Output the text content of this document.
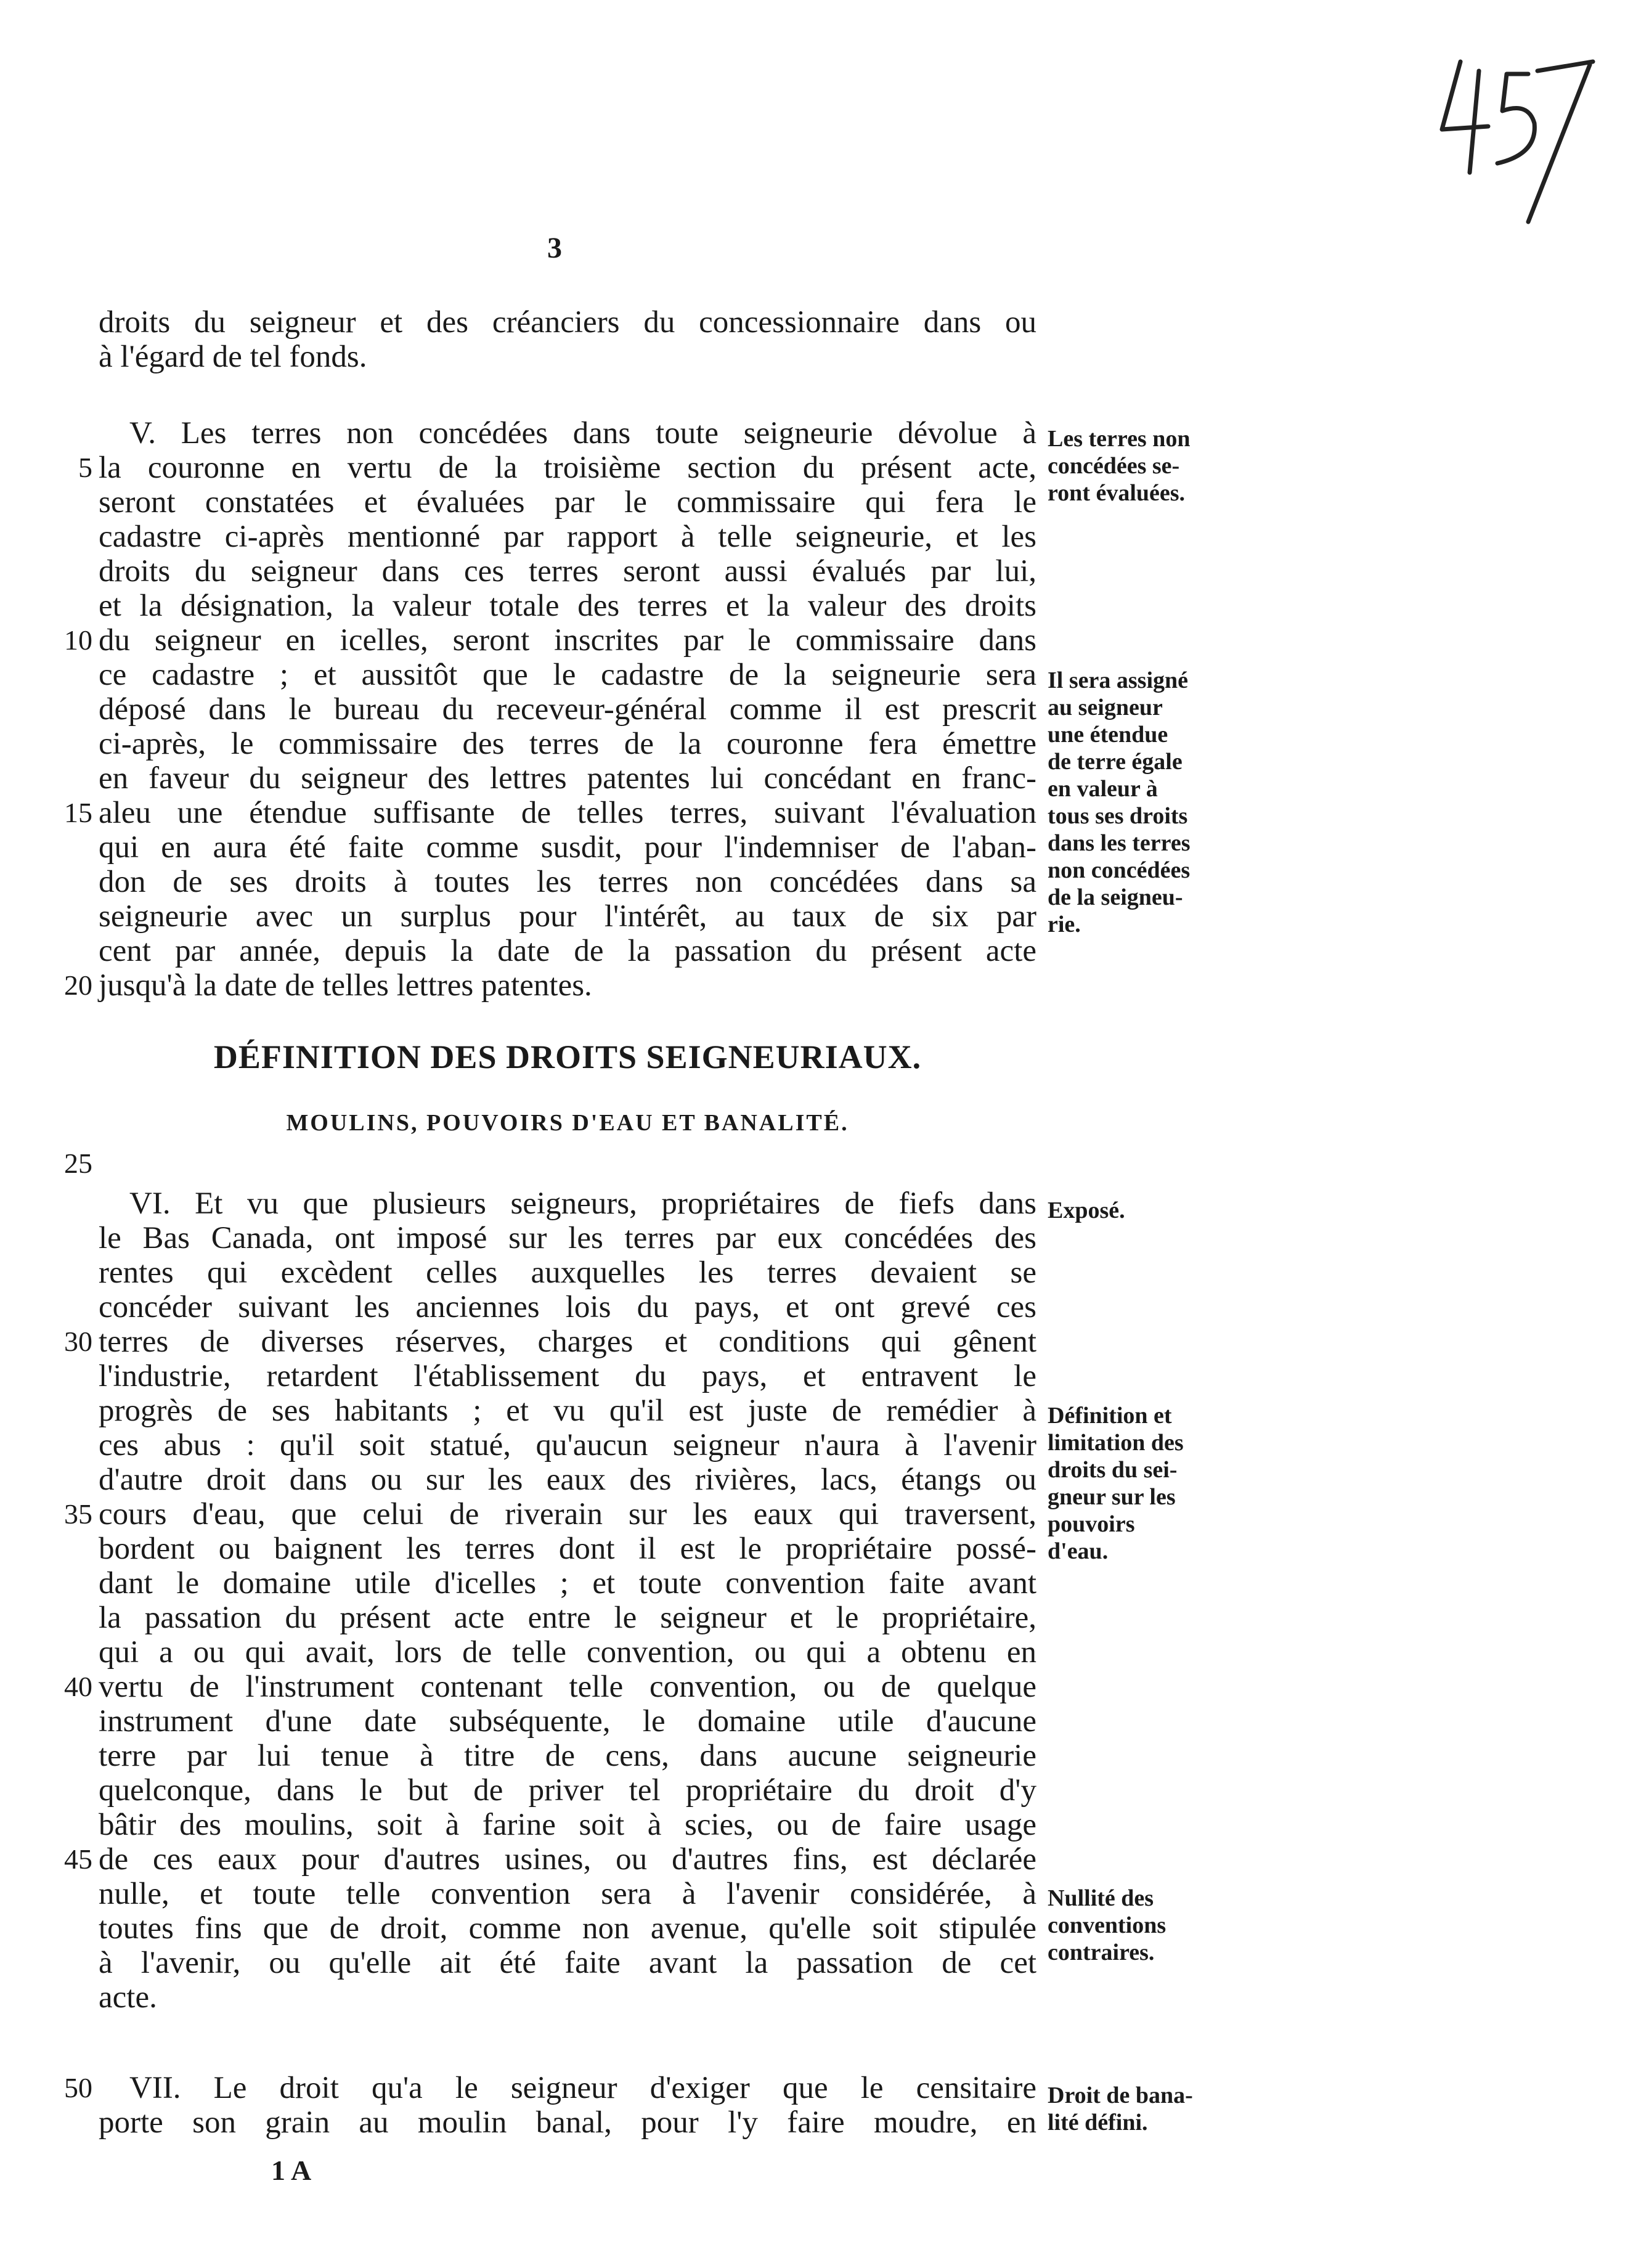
3
droits du seigneur et des créanciers du concessionnaire dans ou
à l'égard de tel fonds.
V. Les terres non concédées dans toute seigneurie dévolue à
la couronne en vertu de la troisième section du présent acte,
seront constatées et évaluées par le commissaire qui fera le
cadastre ci-après mentionné par rapport à telle seigneurie, et les
droits du seigneur dans ces terres seront aussi évalués par lui,
et la désignation, la valeur totale des terres et la valeur des droits
du seigneur en icelles, seront inscrites par le commissaire dans
ce cadastre ; et aussitôt que le cadastre de la seigneurie sera
déposé dans le bureau du receveur-général comme il est prescrit
ci-après, le commissaire des terres de la couronne fera émettre
en faveur du seigneur des lettres patentes lui concédant en franc-
aleu une étendue suffisante de telles terres, suivant l'évaluation
qui en aura été faite comme susdit, pour l'indemniser de l'aban-
don de ses droits à toutes les terres non concédées dans sa
seigneurie avec un surplus pour l'intérêt, au taux de six par
cent par année, depuis la date de la passation du présent acte
jusqu'à la date de telles lettres patentes.
DÉFINITION DES DROITS SEIGNEURIAUX.
MOULINS, POUVOIRS D'EAU ET BANALITÉ.
VI. Et vu que plusieurs seigneurs, propriétaires de fiefs dans
le Bas Canada, ont imposé sur les terres par eux concédées des
rentes qui excèdent celles auxquelles les terres devaient se
concéder suivant les anciennes lois du pays, et ont grevé ces
terres de diverses réserves, charges et conditions qui gênent
l'industrie, retardent l'établissement du pays, et entravent le
progrès de ses habitants ; et vu qu'il est juste de remédier à
ces abus : qu'il soit statué, qu'aucun seigneur n'aura à l'avenir
d'autre droit dans ou sur les eaux des rivières, lacs, étangs ou
cours d'eau, que celui de riverain sur les eaux qui traversent,
bordent ou baignent les terres dont il est le propriétaire possé-
dant le domaine utile d'icelles ; et toute convention faite avant
la passation du présent acte entre le seigneur et le propriétaire,
qui a ou qui avait, lors de telle convention, ou qui a obtenu en
vertu de l'instrument contenant telle convention, ou de quelque
instrument d'une date subséquente, le domaine utile d'aucune
terre par lui tenue à titre de cens, dans aucune seigneurie
quelconque, dans le but de priver tel propriétaire du droit d'y
bâtir des moulins, soit à farine soit à scies, ou de faire usage
de ces eaux pour d'autres usines, ou d'autres fins, est déclarée
nulle, et toute telle convention sera à l'avenir considérée, à
toutes fins que de droit, comme non avenue, qu'elle soit stipulée
à l'avenir, ou qu'elle ait été faite avant la passation de cet
acte.
VII. Le droit qu'a le seigneur d'exiger que le censitaire
porte son grain au moulin banal, pour l'y faire moudre, en
1 A
5
10
15
20
25
30
35
40
45
50
Les terres non
concédées se-
ront évaluées.
Il sera assigné
au seigneur
une étendue
de terre égale
en valeur à
tous ses droits
dans les terres
non concédées
de la seigneu-
rie.
Exposé.
Définition et
limitation des
droits du sei-
gneur sur les
pouvoirs
d'eau.
Nullité des
conventions
contraires.
Droit de bana-
lité défini.
